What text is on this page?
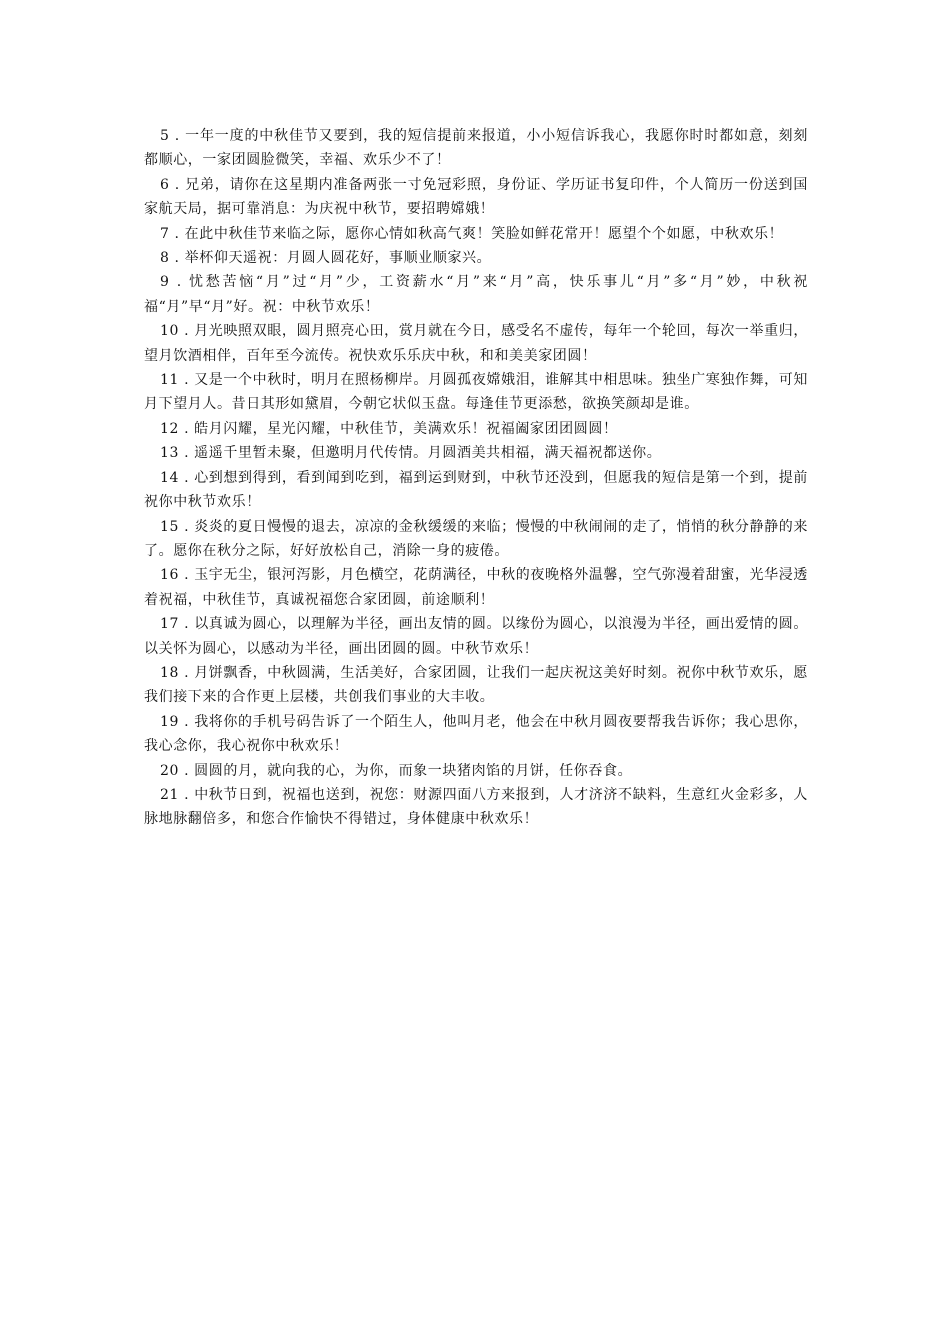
5 . 一年一度的中秋佳节又要到，我的短信提前来报道，小小短信诉我心，我愿你时时都如意，刻刻都顺心，一家团圆脸微笑，幸福、欢乐少不了！

6 . 兄弟，请你在这星期内准备两张一寸免冠彩照，身份证、学历证书复印件，个人简历一份送到国家航天局，据可靠消息：为庆祝中秋节，要招聘嫦娥！

7 . 在此中秋佳节来临之际，愿你心情如秋高气爽！笑脸如鲜花常开！愿望个个如愿，中秋欢乐！

8 . 举杯仰天遥祝：月圆人圆花好，事顺业顺家兴。

9 . 忧愁苦恼“月”过“月”少，工资薪水“月”来“月”高，快乐事儿“月”多“月”妙，中秋祝福“月”早“月”好。祝：中秋节欢乐！

10 . 月光映照双眼，圆月照亮心田，赏月就在今日，感受名不虚传，每年一个轮回，每次一举重归，望月饮酒相伴，百年至今流传。祝快欢乐乐庆中秋，和和美美家团圆！

11 . 又是一个中秋时，明月在照杨柳岸。月圆孤夜嫦娥泪，谁解其中相思味。独坐广寒独作舞，可知月下望月人。昔日其形如黛眉，今朝它状似玉盘。每逢佳节更添愁，欲换笑颜却是谁。

12 . 皓月闪耀，星光闪耀，中秋佳节，美满欢乐！祝福阖家团团圆圆！

13 . 遥遥千里暂未聚，但邀明月代传情。月圆酒美共相福，满天福祝都送你。

14 . 心到想到得到，看到闻到吃到，福到运到财到，中秋节还没到，但愿我的短信是第一个到，提前祝你中秋节欢乐！

15 . 炎炎的夏日慢慢的退去，凉凉的金秋缓缓的来临；慢慢的中秋闹闹的走了，悄悄的秋分静静的来了。愿你在秋分之际，好好放松自己，消除一身的疲倦。

16 . 玉宇无尘，银河泻影，月色横空，花荫满径，中秋的夜晚格外温馨，空气弥漫着甜蜜，光华浸透着祝福，中秋佳节，真诚祝福您合家团圆，前途顺利！

17 . 以真诚为圆心，以理解为半径，画出友情的圆。以缘份为圆心，以浪漫为半径，画出爱情的圆。以关怀为圆心，以感动为半径，画出团圆的圆。中秋节欢乐！

18 . 月饼飘香，中秋圆满，生活美好，合家团圆，让我们一起庆祝这美好时刻。祝你中秋节欢乐，愿我们接下来的合作更上层楼，共创我们事业的大丰收。

19 . 我将你的手机号码告诉了一个陌生人，他叫月老，他会在中秋月圆夜要帮我告诉你；我心思你，我心念你，我心祝你中秋欢乐！

20 . 圆圆的月，就向我的心，为你，而象一块猪肉馅的月饼，任你吞食。

21 . 中秋节日到，祝福也送到，祝您：财源四面八方来报到，人才济济不缺料，生意红火金彩多，人脉地脉翻倍多，和您合作愉快不得错过，身体健康中秋欢乐！
